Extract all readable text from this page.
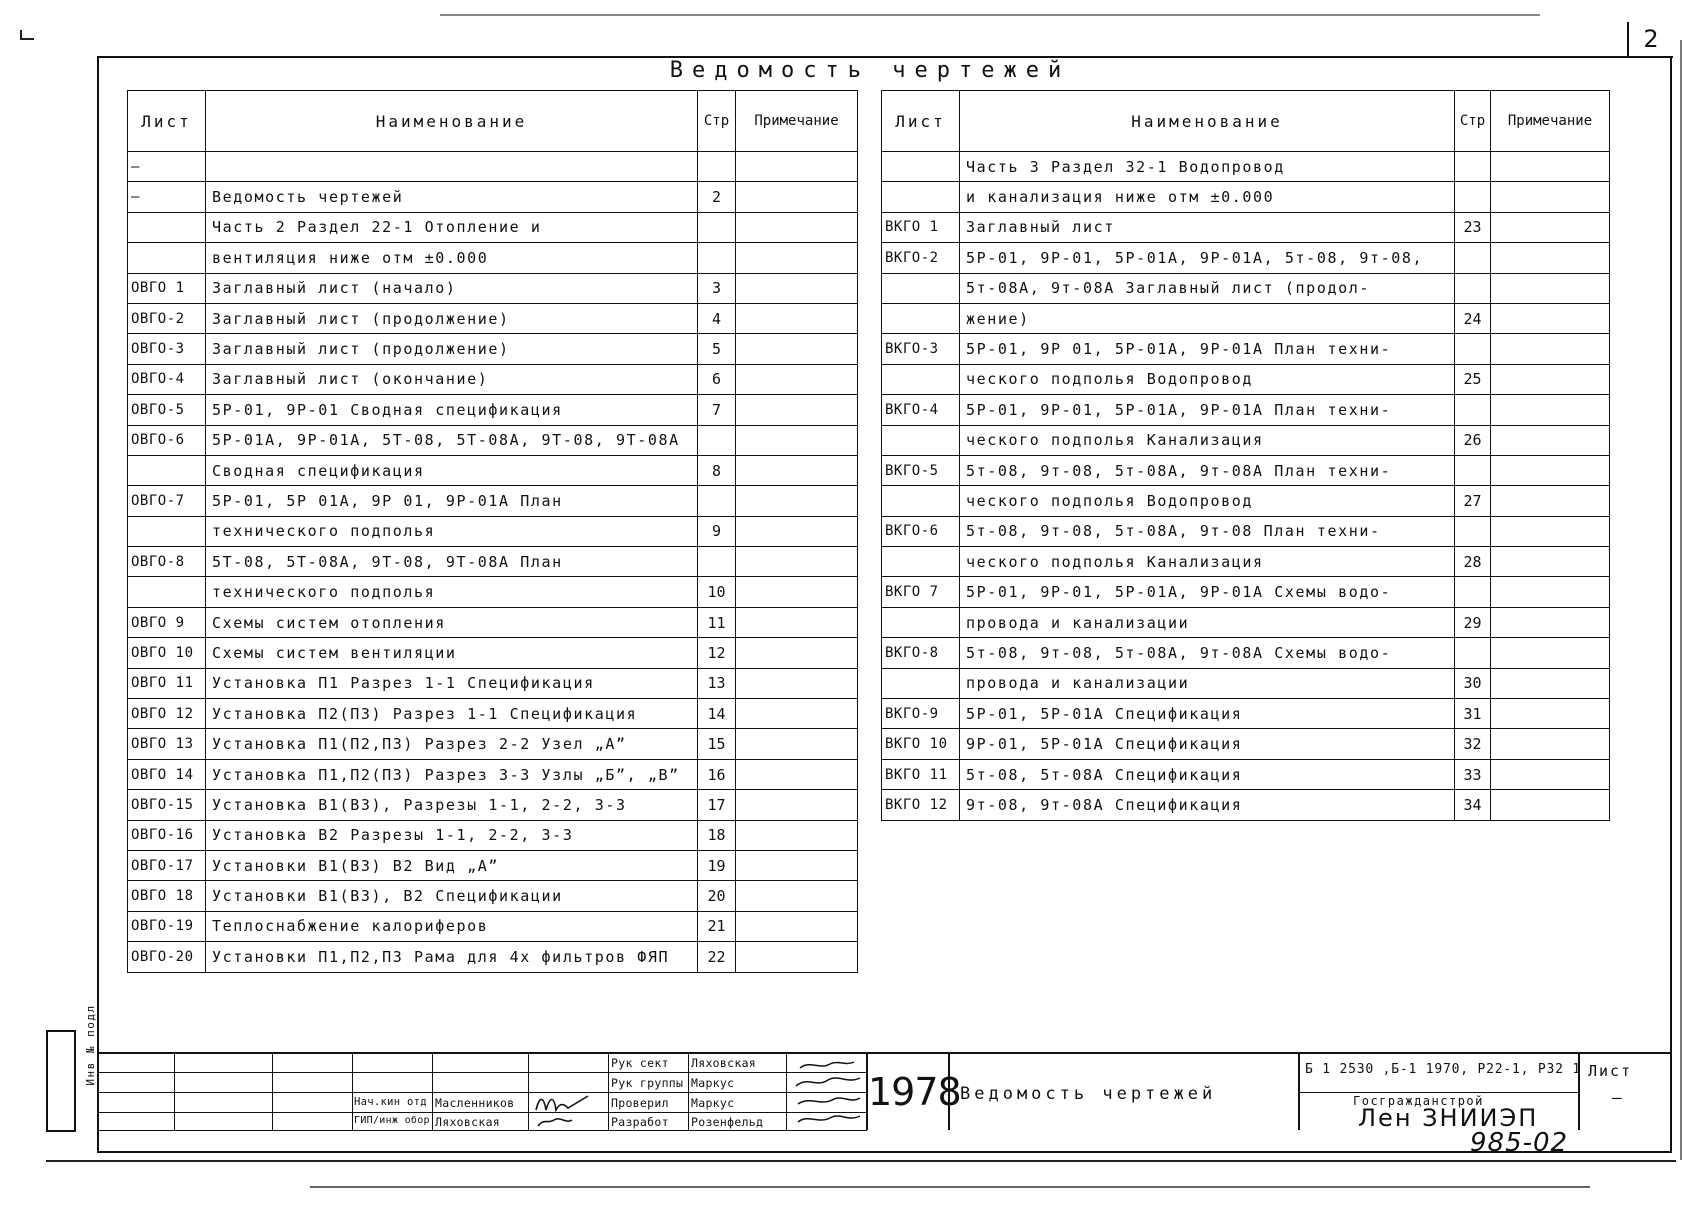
2
Ведомость чертежей
Лист	Наименование	Стр	Примечание
—			
—	Ведомость чертежей	2	
	Часть 2 Раздел 22-1 Отопление и		
	вентиляция ниже отм ±0.000		
ОВГО 1	Заглавный лист (начало)	3	
ОВГО-2	Заглавный лист (продолжение)	4	
ОВГО-3	Заглавный лист (продолжение)	5	
ОВГО-4	Заглавный лист (окончание)	6	
ОВГО-5	5Р-01, 9Р-01 Сводная спецификация	7	
ОВГО-6	5Р-01А, 9Р-01А, 5Т-08, 5Т-08А, 9Т-08, 9Т-08А		
	Сводная спецификация	8	
ОВГО-7	5Р-01, 5Р 01А, 9Р 01, 9Р-01А План		
	технического подполья	9	
ОВГО-8	5Т-08, 5Т-08А, 9Т-08, 9Т-08А План		
	технического подполья	10	
ОВГО 9	Схемы систем отопления	11	
ОВГО 10	Схемы систем вентиляции	12	
ОВГО 11	Установка П1 Разрез 1-1 Спецификация	13	
ОВГО 12	Установка П2(П3) Разрез 1-1 Спецификация	14	
ОВГО 13	Установка П1(П2,П3) Разрез 2-2 Узел „А”	15	
ОВГО 14	Установка П1,П2(П3) Разрез 3-3 Узлы „Б”, „В”	16	
ОВГО-15	Установка В1(В3), Разрезы 1-1, 2-2, 3-3	17	
ОВГО-16	Установка В2 Разрезы 1-1, 2-2, 3-3	18	
ОВГО-17	Установки В1(В3) В2 Вид „А”	19	
ОВГО 18	Установки В1(В3), В2 Спецификации	20	
ОВГО-19	Теплоснабжение калориферов	21	
ОВГО-20	Установки П1,П2,П3 Рама для 4х фильтров ФЯП	22	
Лист	Наименование	Стр	Примечание
	Часть 3 Раздел 32-1 Водопровод		
	и канализация ниже отм ±0.000		
ВКГО 1	Заглавный лист	23	
ВКГО-2	5Р-01, 9Р-01, 5Р-01А, 9Р-01А, 5т-08, 9т-08,		
	5т-08А, 9т-08А Заглавный лист (продол-		
	жение)	24	
ВКГО-3	5Р-01, 9Р 01, 5Р-01А, 9Р-01А План техни-		
	ческого подполья Водопровод	25	
ВКГО-4	5Р-01, 9Р-01, 5Р-01А, 9Р-01А План техни-		
	ческого подполья Канализация	26	
ВКГО-5	5т-08, 9т-08, 5т-08А, 9т-08А План техни-		
	ческого подполья Водопровод	27	
ВКГО-6	5т-08, 9т-08, 5т-08А, 9т-08 План техни-		
	ческого подполья Канализация	28	
ВКГО 7	5Р-01, 9Р-01, 5Р-01А, 9Р-01А Схемы водо-		
	провода и канализации	29	
ВКГО-8	5т-08, 9т-08, 5т-08А, 9т-08А Схемы водо-		
	провода и канализации	30	
ВКГО-9	5Р-01, 5Р-01А Спецификация	31	
ВКГО 10	9Р-01, 5Р-01А Спецификация	32	
ВКГО 11	5т-08, 5т-08А Спецификация	33	
ВКГО 12	9т-08, 9т-08А Спецификация	34	
Инв № подл	Рук сект Ляховская
Рук группы Маркус
Проверил Маркус
Разработ Розенфельд
Нач.кин отд Масленников
ГИП/инж обор Ляховская
1978 Ведомость чертежей
Б 1 2530 ,Б-1 1970, Р22-1, Р32 1 Лист
—
Госгражданстрой
Лен ЗНИИЭП
985-02
